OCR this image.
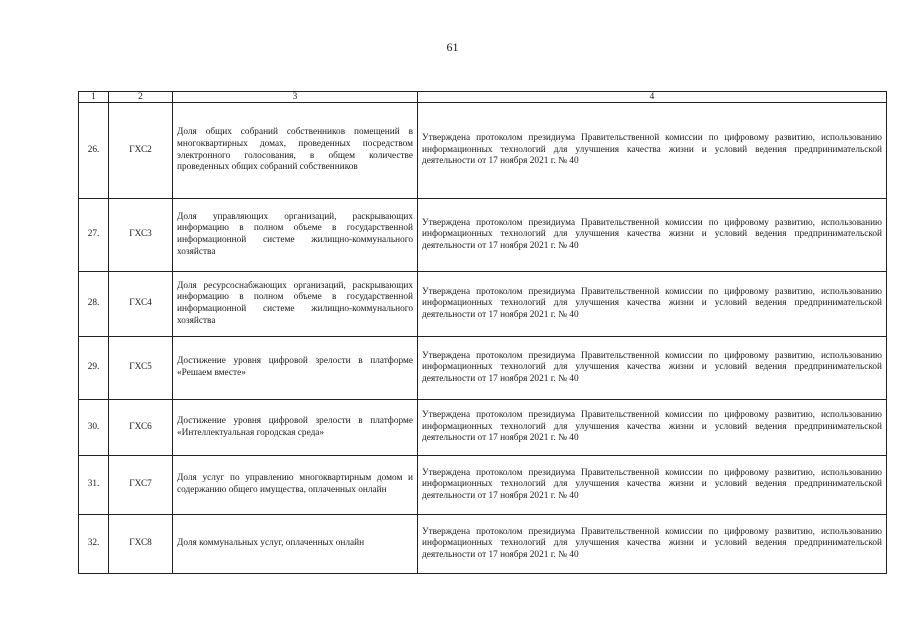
61
1	2	3	4
26.	ГХС2	Доля общих собраний собственников помещений в многоквартирных домах, проведенных посредством электронного голосования, в общем количестве проведенных общих собраний собственников	Утверждена протоколом президиума Правительственной комиссии по цифровому развитию, использованию информационных технологий для улучшения качества жизни и условий ведения предпринимательской деятельности от 17 ноября 2021 г. № 40
27.	ГХС3	Доля управляющих организаций, раскрывающих информацию в полном объеме в государственной информационной системе жилищно-коммунального хозяйства	Утверждена протоколом президиума Правительственной комиссии по цифровому развитию, использованию информационных технологий для улучшения качества жизни и условий ведения предпринимательской деятельности от 17 ноября 2021 г. № 40
28.	ГХС4	Доля ресурсоснабжающих организаций, раскрывающих информацию в полном объеме в государственной информационной системе жилищно-коммунального хозяйства	Утверждена протоколом президиума Правительственной комиссии по цифровому развитию, использованию информационных технологий для улучшения качества жизни и условий ведения предпринимательской деятельности от 17 ноября 2021 г. № 40
29.	ГХС5	Достижение уровня цифровой зрелости в платформе «Решаем вместе»	Утверждена протоколом президиума Правительственной комиссии по цифровому развитию, использованию информационных технологий для улучшения качества жизни и условий ведения предпринимательской деятельности от 17 ноября 2021 г. № 40
30.	ГХС6	Достижение уровня цифровой зрелости в платформе «Интеллектуальная городская среда»	Утверждена протоколом президиума Правительственной комиссии по цифровому развитию, использованию информационных технологий для улучшения качества жизни и условий ведения предпринимательской деятельности от 17 ноября 2021 г. № 40
31.	ГХС7	Доля услуг по управлению многоквартирным домом и содержанию общего имущества, оплаченных онлайн	Утверждена протоколом президиума Правительственной комиссии по цифровому развитию, использованию информационных технологий для улучшения качества жизни и условий ведения предпринимательской деятельности от 17 ноября 2021 г. № 40
32.	ГХС8	Доля коммунальных услуг, оплаченных онлайн	Утверждена протоколом президиума Правительственной комиссии по цифровому развитию, использованию информационных технологий для улучшения качества жизни и условий ведения предпринимательской деятельности от 17 ноября 2021 г. № 40
